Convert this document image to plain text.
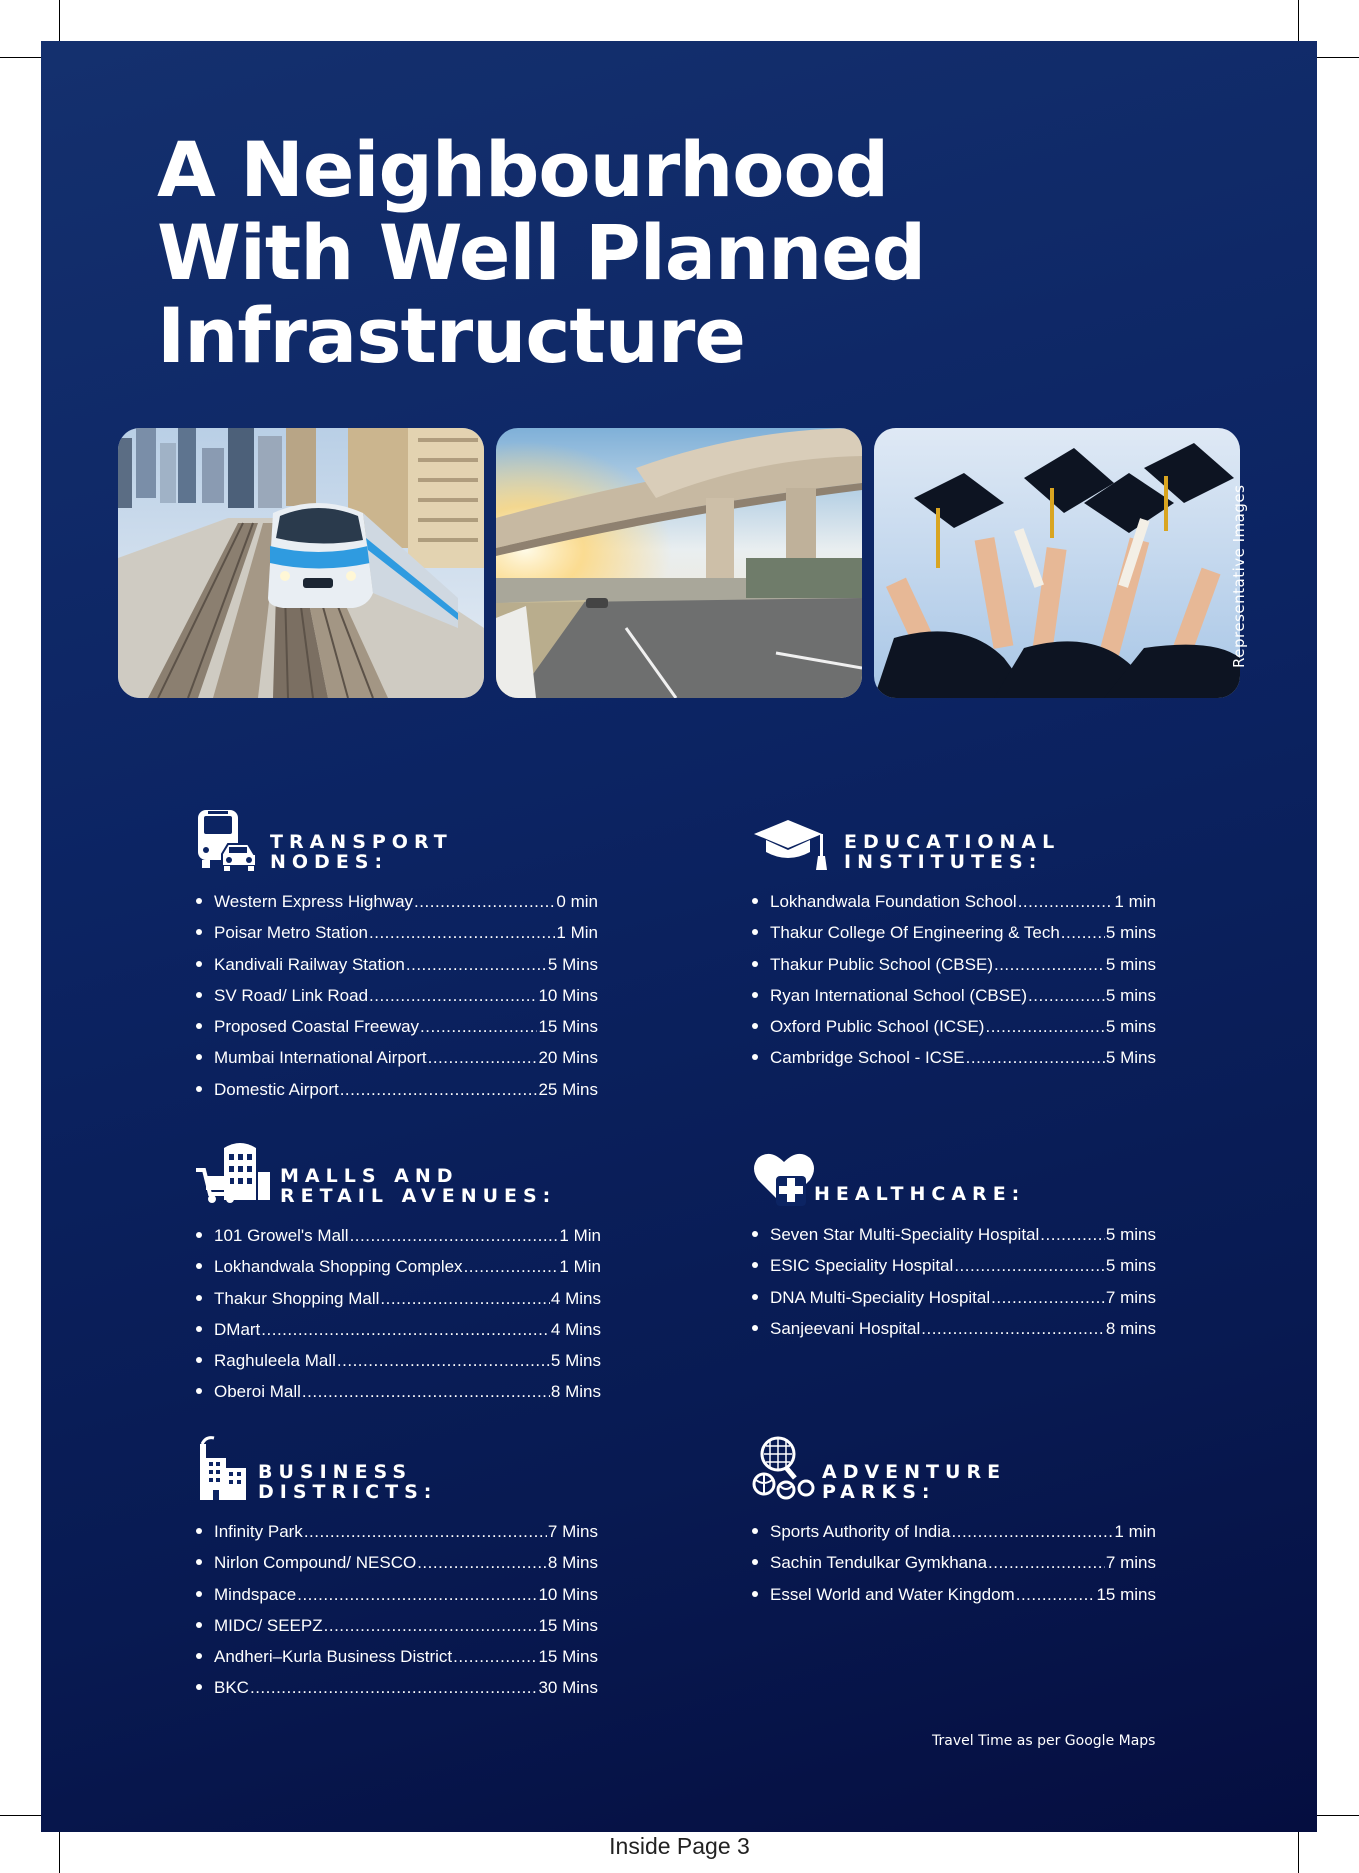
A Neighbourhood
With Well Planned
Infrastructure
Representative Images
TRANSPORT
NODES:
Western Express Highway .....	0 min
Poisar Metro Station .....	1 Min
Kandivali Railway Station .....	5 Mins
SV Road/ Link Road .....	10 Mins
Proposed Coastal Freeway .....	15 Mins
Mumbai International Airport .....	20 Mins
Domestic Airport .....	25 Mins
EDUCATIONAL
INSTITUTES:
Lokhandwala Foundation School .....	1 min
Thakur College Of Engineering & Tech .....	5 mins
Thakur Public School (CBSE) .....	5 mins
Ryan International School (CBSE) .....	5 mins
Oxford Public School (ICSE) .....	5 mins
Cambridge School - ICSE .....	5 Mins
MALLS AND
RETAIL AVENUES:
101 Growel's Mall .....	1 Min
Lokhandwala Shopping Complex .....	1 Min
Thakur Shopping Mall .....	4 Mins
DMart .....	4 Mins
Raghuleela Mall .....	5 Mins
Oberoi Mall .....	8 Mins
HEALTHCARE:
Seven Star Multi-Speciality Hospital .....	5 mins
ESIC Speciality Hospital .....	5 mins
DNA Multi-Speciality Hospital .....	7 mins
Sanjeevani Hospital .....	8 mins
BUSINESS
DISTRICTS:
Infinity Park .....	7 Mins
Nirlon Compound/ NESCO .....	8 Mins
Mindspace .....	10 Mins
MIDC/ SEEPZ .....	15 Mins
Andheri–Kurla Business District .....	15 Mins
BKC .....	30 Mins
ADVENTURE
PARKS:
Sports Authority of India .....	1 min
Sachin Tendulkar Gymkhana .....	7 mins
Essel World and Water Kingdom .....	15 mins
Travel Time as per Google Maps
Inside Page 3
